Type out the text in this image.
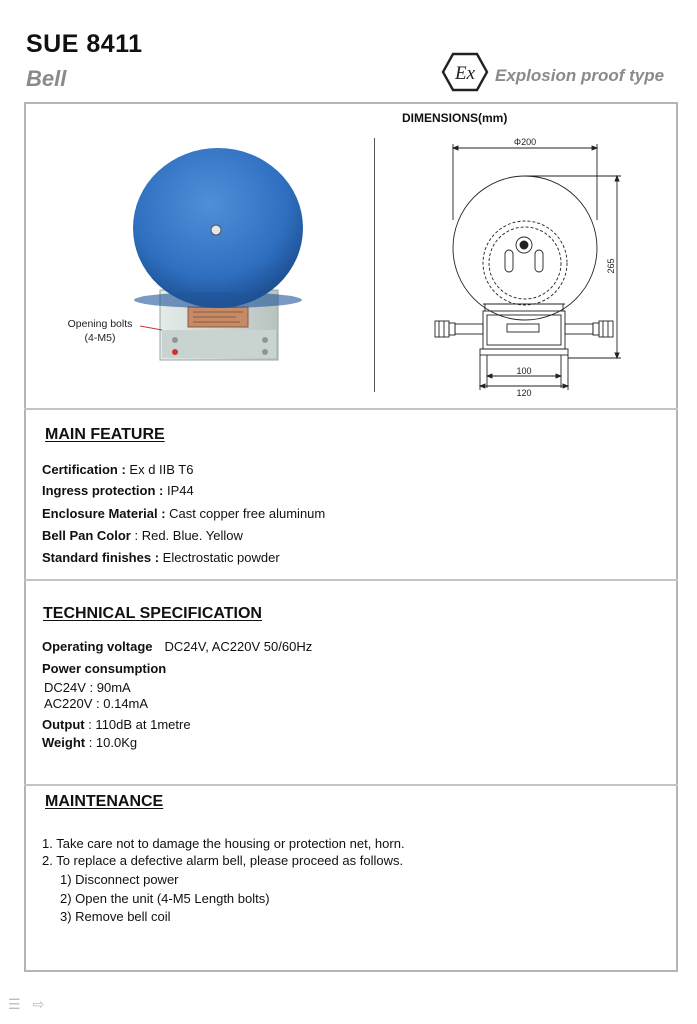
SUE 8411
Bell	Ex Explosion proof type
Opening bolts
(4-M5)
DIMENSIONS(mm)
Φ200
265
100
120
MAIN FEATURE
Certification : Ex d IIB T6
Ingress protection : IP44
Enclosure Material : Cast copper free aluminum
Bell Pan Color : Red. Blue. Yellow
Standard finishes : Electrostatic powder
TECHNICAL SPECIFICATION
Operating voltage DC24V, AC220V 50/60Hz
Power consumption
DC24V : 90mA
AC220V : 0.14mA
Output : 110dB at 1metre
Weight : 10.0Kg
MAINTENANCE
1. Take care not to damage the housing or protection net, horn.
2. To replace a defective alarm bell, please proceed as follows.
1) Disconnect power
2) Open the unit (4-M5 Length bolts)
3) Remove bell coil
☰ ⇨
